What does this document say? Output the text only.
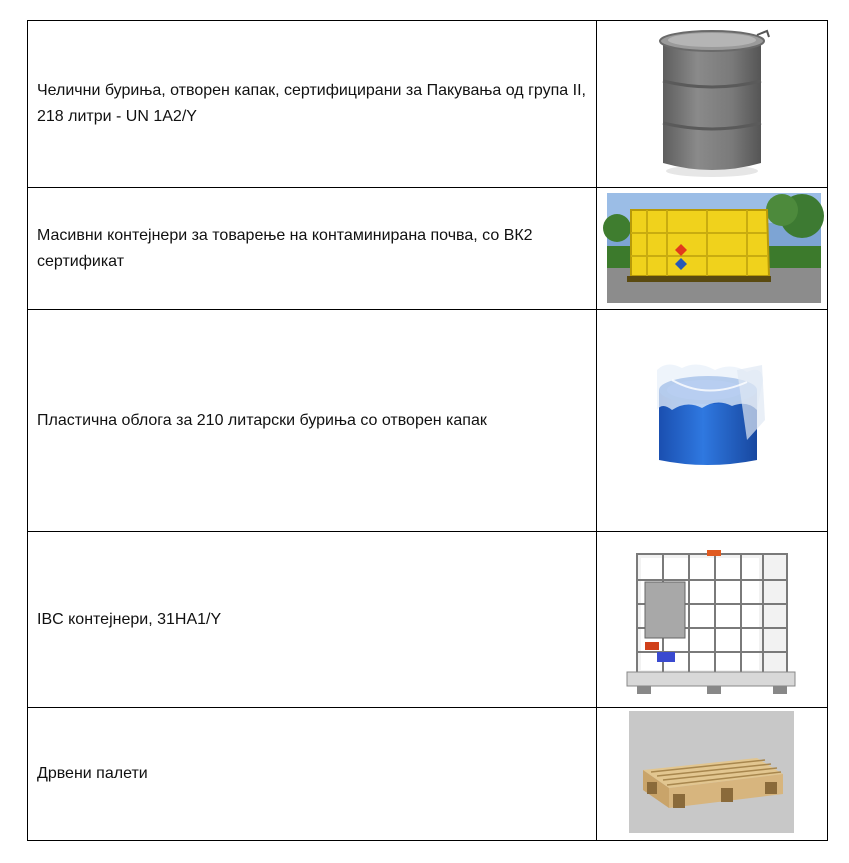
Челични буриња, отворен капак, сертифицирани за Пакувања од група II, 218 литри - UN 1A2/Y	

Масивни контејнери за товарење на контаминирана почва, со ВК2 сертификат	

Пластична облога за 210 литарски буриња со отворен капак	

IBC контејнери, 31HA1/Y	

Дрвени палети	
